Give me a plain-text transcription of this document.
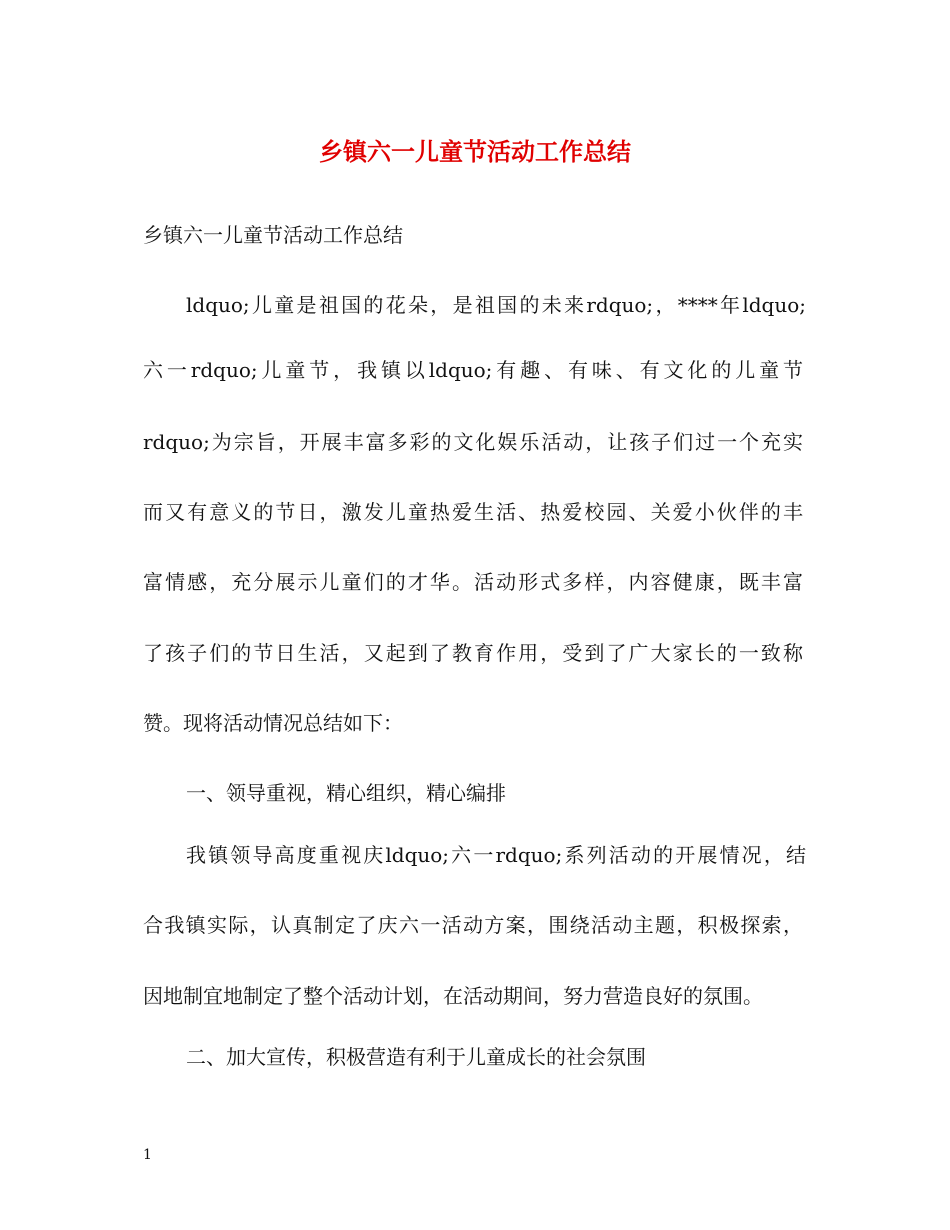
乡镇六一儿童节活动工作总结

乡镇六一儿童节活动工作总结

ldquo;儿童是祖国的花朵，是祖国的未来rdquo;，****年ldquo;

六一rdquo;儿童节，我镇以ldquo;有趣、有味、有文化的儿童节

rdquo;为宗旨，开展丰富多彩的文化娱乐活动，让孩子们过一个充实

而又有意义的节日，激发儿童热爱生活、热爱校园、关爱小伙伴的丰

富情感，充分展示儿童们的才华。活动形式多样，内容健康，既丰富

了孩子们的节日生活，又起到了教育作用，受到了广大家长的一致称

赞。现将活动情况总结如下：

一、领导重视，精心组织，精心编排

我镇领导高度重视庆ldquo;六一rdquo;系列活动的开展情况，结

合我镇实际，认真制定了庆六一活动方案，围绕活动主题，积极探索，

因地制宜地制定了整个活动计划，在活动期间，努力营造良好的氛围。

二、加大宣传，积极营造有利于儿童成长的社会氛围

1
